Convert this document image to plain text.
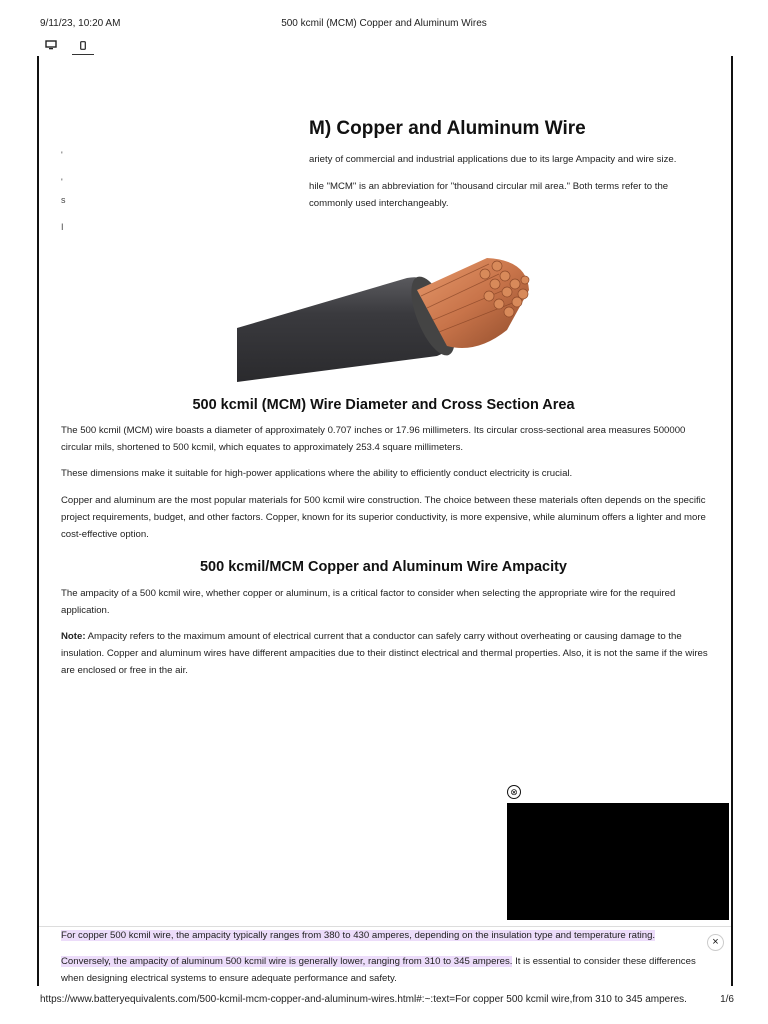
9/11/23, 10:20 AM	500 kcmil (MCM) Copper and Aluminum Wires
M) Copper and Aluminum Wire
'
'
s
I

ariety of commercial and industrial applications due to its large Ampacity and wire size.

hile "MCM" is an abbreviation for "thousand circular mil area." Both terms refer to the

commonly used interchangeably.

500 kcmil (MCM) Wire Diameter and Cross Section Area

The 500 kcmil (MCM) wire boasts a diameter of approximately 0.707 inches or 17.96 millimeters. Its circular cross-sectional area measures 500000 circular mils, shortened to 500 kcmil, which equates to approximately 253.4 square millimeters.

These dimensions make it suitable for high-power applications where the ability to efficiently conduct electricity is crucial.

Copper and aluminum are the most popular materials for 500 kcmil wire construction. The choice between these materials often depends on the specific project requirements, budget, and other factors. Copper, known for its superior conductivity, is more expensive, while aluminum offers a lighter and more cost-effective option.

500 kcmil/MCM Copper and Aluminum Wire Ampacity

The ampacity of a 500 kcmil wire, whether copper or aluminum, is a critical factor to consider when selecting the appropriate wire for the required application.

Note: Ampacity refers to the maximum amount of electrical current that a conductor can safely carry without overheating or causing damage to the insulation. Copper and aluminum wires have different ampacities due to their distinct electrical and thermal properties. Also, it is not the same if the wires are enclosed or free in the air.

⊗

For copper 500 kcmil wire, the ampacity typically ranges from 380 to 430 amperes, depending on the insulation type and temperature rating.

×

Conversely, the ampacity of aluminum 500 kcmil wire is generally lower, ranging from 310 to 345 amperes. It is essential to consider these differences when designing electrical systems to ensure adequate performance and safety.

https://www.batteryequivalents.com/500-kcmil-mcm-copper-and-aluminum-wires.html#:~:text=For copper 500 kcmil wire,from 310 to 345 amperes.	1/6
